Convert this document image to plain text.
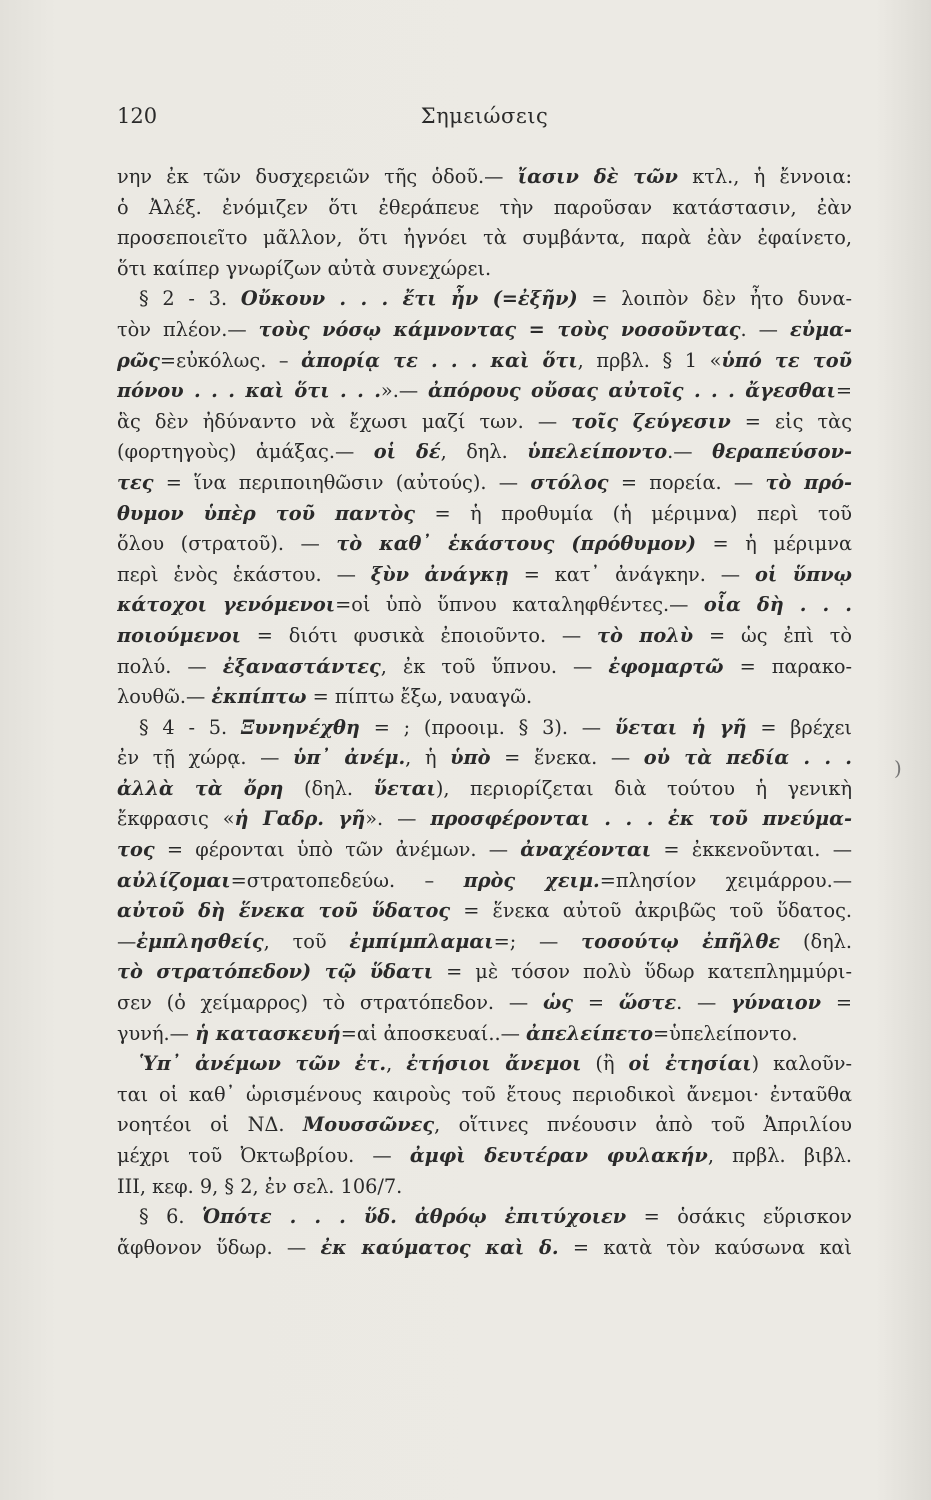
120	Σημειώσεις
νην ἐκ τῶν δυσχερειῶν τῆς ὁδοῦ.— ἴασιν δὲ τῶν κτλ., ἡ ἔννοια:
ὁ Ἀλέξ. ἐνόμιζεν ὅτι ἐθεράπευε τὴν παροῦσαν κατάστασιν, ἐὰν
προσεποιεῖτο μᾶλλον, ὅτι ἠγνόει τὰ συμβάντα, παρὰ ἐὰν ἐφαίνετο,
ὅτι καίπερ γνωρίζων αὐτὰ συνεχώρει.
§ 2 - 3. Οὔκουν . . . ἔτι ἦν (=ἐξῆν) = λοιπὸν δὲν ἦτο δυνα-
τὸν πλέον.— τοὺς νόσῳ κάμνοντας = τοὺς νοσοῦντας. — εὐμα-
ρῶς=εὐκόλως. – ἀπορίᾳ τε . . . καὶ ὅτι, πρβλ. § 1 «ὑπό τε τοῦ
πόνου . . . καὶ ὅτι . . .».— ἀπόρους οὔσας αὐτοῖς . . . ἄγεσθαι=
ἃς δὲν ἠδύναντο νὰ ἔχωσι μαζί των. — τοῖς ζεύγεσιν = εἰς τὰς
(φορτηγοὺς) ἁμάξας.— οἱ δέ, δηλ. ὑπελείποντο.— θεραπεύσον-
τες = ἵνα περιποιηθῶσιν (αὐτούς). — στόλος = πορεία. — τὸ πρό-
θυμον ὑπὲρ τοῦ παντὸς = ἡ προθυμία (ἡ μέριμνα) περὶ τοῦ
ὅλου (στρατοῦ). — τὸ καθ᾽ ἑκάστους (πρόθυμον) = ἡ μέριμνα
περὶ ἑνὸς ἑκάστου. — ξὺν ἀνάγκῃ = κατ᾽ ἀνάγκην. — οἱ ὕπνῳ
κάτοχοι γενόμενοι=οἱ ὑπὸ ὕπνου καταληφθέντες.— οἷα δὴ . . .
ποιούμενοι = διότι φυσικὰ ἐποιοῦντο. — τὸ πολὺ = ὡς ἐπὶ τὸ
πολύ. — ἐξαναστάντες, ἐκ τοῦ ὕπνου. — ἐφομαρτῶ = παρακο-
λουθῶ.— ἐκπίπτω = πίπτω ἔξω, ναυαγῶ.
§ 4 - 5. Ξυνηνέχθη = ; (προοιμ. § 3). — ὕεται ἡ γῆ = βρέχει
ἐν τῇ χώρᾳ. — ὑπ᾽ ἀνέμ., ἡ ὑπὸ = ἕνεκα. — οὐ τὰ πεδία . . .
ἀλλὰ τὰ ὄρη (δηλ. ὕεται), περιορίζεται διὰ τούτου ἡ γενικὴ
ἔκφρασις «ἡ Γαδρ. γῆ». — προσφέρονται . . . ἐκ τοῦ πνεύμα-
τος = φέρονται ὑπὸ τῶν ἀνέμων. — ἀναχέονται = ἐκκενοῦνται. —
αὐλίζομαι=στρατοπεδεύω. – πρὸς χειμ.=πλησίον χειμάρρου.—
αὐτοῦ δὴ ἕνεκα τοῦ ὕδατος = ἕνεκα αὐτοῦ ἀκριβῶς τοῦ ὕδατος.
—ἐμπλησθείς, τοῦ ἐμπίμπλαμαι=; — τοσούτῳ ἐπῆλθε (δηλ.
τὸ στρατόπεδον) τῷ ὕδατι = μὲ τόσον πολὺ ὕδωρ κατεπλημμύρι-
σεν (ὁ χείμαρρος) τὸ στρατόπεδον. — ὡς = ὥστε. — γύναιον =
γυνή.— ἡ κατασκευή=αἱ ἀποσκευαί..— ἀπελείπετο=ὑπελείποντο.
Ὑπ᾽ ἀνέμων τῶν ἐτ., ἐτήσιοι ἄνεμοι (ἢ οἱ ἐτησίαι) καλοῦν-
ται οἱ καθ᾽ ὡρισμένους καιροὺς τοῦ ἔτους περιοδικοὶ ἄνεμοι· ἐνταῦθα
νοητέοι οἱ ΝΔ. Μουσσῶνες, οἵτινες πνέουσιν ἀπὸ τοῦ Ἀπριλίου
μέχρι τοῦ Ὀκτωβρίου. — ἀμφὶ δευτέραν φυλακήν, πρβλ. βιβλ.
III, κεφ. 9, § 2, ἐν σελ. 106/7.
§ 6. Ὁπότε . . . ὕδ. ἀθρόῳ ἐπιτύχοιεν = ὁσάκις εὕρισκον
ἄφθονον ὕδωρ. — ἐκ καύματος καὶ δ. = κατὰ τὸν καύσωνα καὶ
)
